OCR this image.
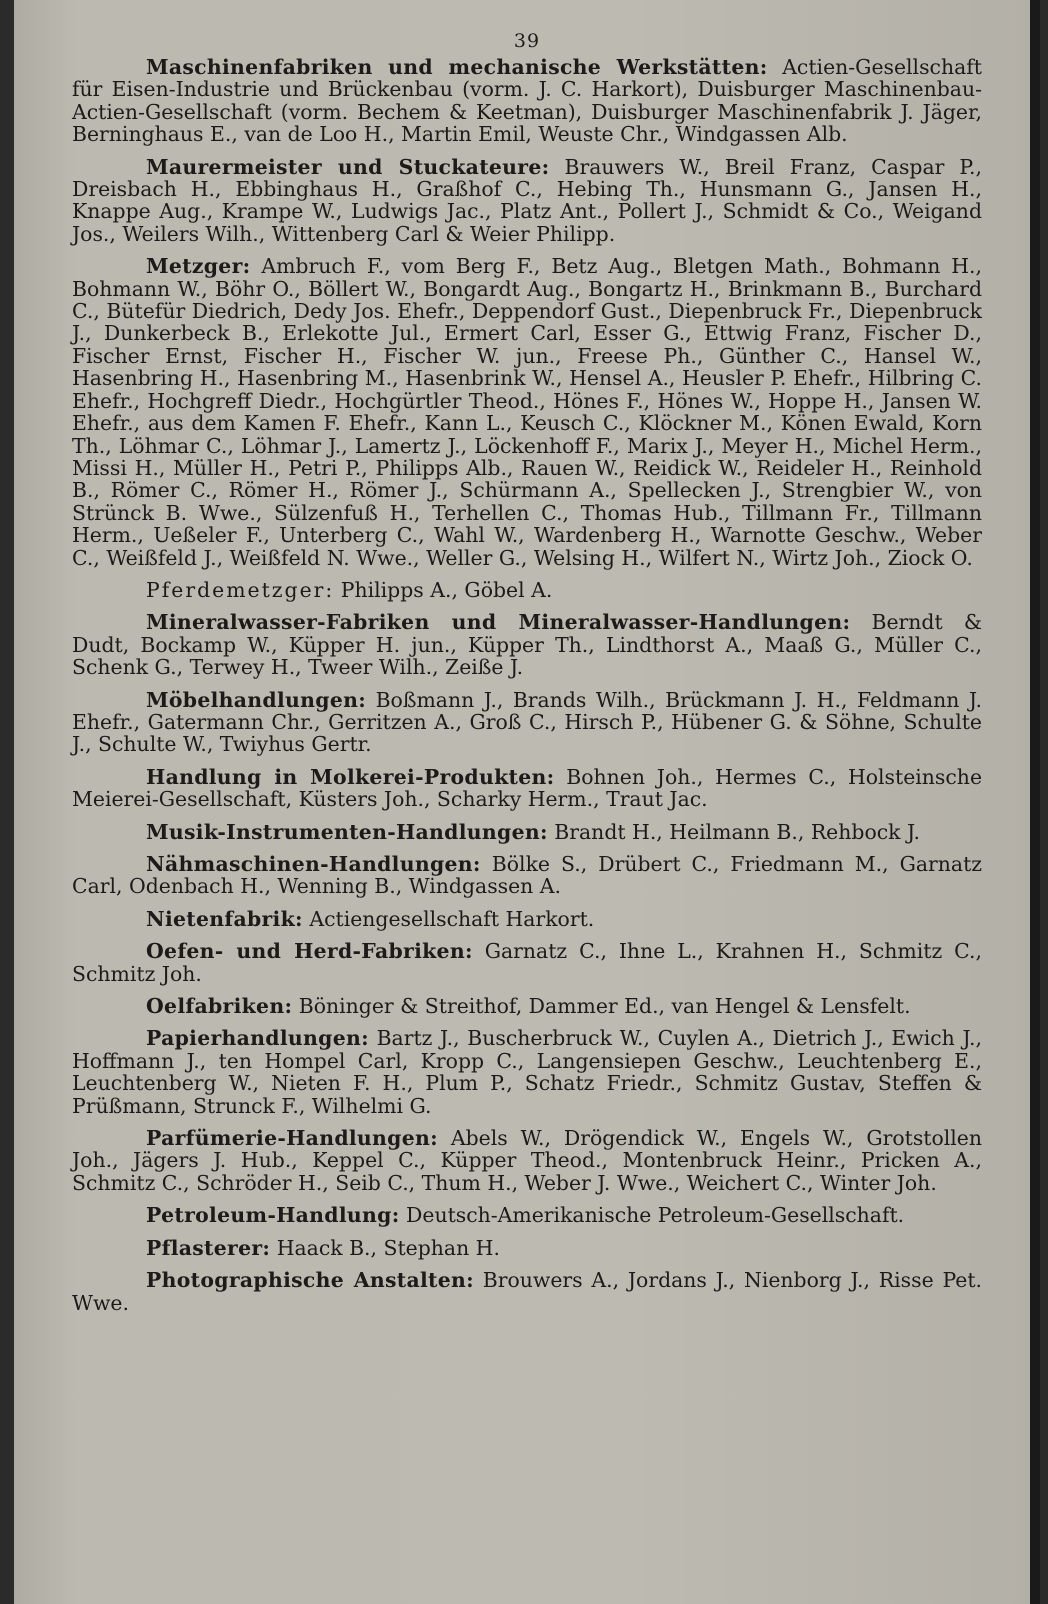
39
Maschinenfabriken und mechanische Werkstätten: Actien-Gesellschaft für Eisen-Industrie und Brückenbau (vorm. J. C. Harkort), Duisburger Maschinenbau-Actien-Gesellschaft (vorm. Bechem & Keetman), Duisburger Maschinenfabrik J. Jäger, Berninghaus E., van de Loo H., Martin Emil, Weuste Chr., Windgassen Alb.
Maurermeister und Stuckateure: Brauwers W., Breil Franz, Caspar P., Dreisbach H., Ebbinghaus H., Graßhof C., Hebing Th., Hunsmann G., Jansen H., Knappe Aug., Krampe W., Ludwigs Jac., Platz Ant., Pollert J., Schmidt & Co., Weigand Jos., Weilers Wilh., Wittenberg Carl & Weier Philipp.
Metzger: Ambruch F., vom Berg F., Betz Aug., Bletgen Math., Bohmann H., Bohmann W., Böhr O., Böllert W., Bongardt Aug., Bongartz H., Brinkmann B., Burchard C., Bütefür Diedrich, Dedy Jos. Ehefr., Deppendorf Gust., Diepenbruck Fr., Diepenbruck J., Dunkerbeck B., Erlekotte Jul., Ermert Carl, Esser G., Ettwig Franz, Fischer D., Fischer Ernst, Fischer H., Fischer W. jun., Freese Ph., Günther C., Hansel W., Hasenbring H., Hasenbring M., Hasenbrink W., Hensel A., Heusler P. Ehefr., Hilbring C. Ehefr., Hochgreff Diedr., Hochgürtler Theod., Hönes F., Hönes W., Hoppe H., Jansen W. Ehefr., aus dem Kamen F. Ehefr., Kann L., Keusch C., Klöckner M., Könen Ewald, Korn Th., Löhmar C., Löhmar J., Lamertz J., Löckenhoff F., Marix J., Meyer H., Michel Herm., Missi H., Müller H., Petri P., Philipps Alb., Rauen W., Reidick W., Reideler H., Reinhold B., Römer C., Römer H., Römer J., Schürmann A., Spellecken J., Strengbier W., von Strünck B. Wwe., Sülzenfuß H., Terhellen C., Thomas Hub., Tillmann Fr., Tillmann Herm., Ueßeler F., Unterberg C., Wahl W., Wardenberg H., Warnotte Geschw., Weber C., Weißfeld J., Weißfeld N. Wwe., Weller G., Welsing H., Wilfert N., Wirtz Joh., Ziock O.
Pferdemetzger: Philipps A., Göbel A.
Mineralwasser-Fabriken und Mineralwasser-Handlungen: Berndt & Dudt, Bockamp W., Küpper H. jun., Küpper Th., Lindthorst A., Maaß G., Müller C., Schenk G., Terwey H., Tweer Wilh., Zeiße J.
Möbelhandlungen: Boßmann J., Brands Wilh., Brückmann J. H., Feldmann J. Ehefr., Gatermann Chr., Gerritzen A., Groß C., Hirsch P., Hübener G. & Söhne, Schulte J., Schulte W., Twiyhus Gertr.
Handlung in Molkerei-Produkten: Bohnen Joh., Hermes C., Holsteinsche Meierei-Gesellschaft, Küsters Joh., Scharky Herm., Traut Jac.
Musik-Instrumenten-Handlungen: Brandt H., Heilmann B., Rehbock J.
Nähmaschinen-Handlungen: Bölke S., Drübert C., Friedmann M., Garnatz Carl, Odenbach H., Wenning B., Windgassen A.
Nietenfabrik: Actiengesellschaft Harkort.
Oefen- und Herd-Fabriken: Garnatz C., Ihne L., Krahnen H., Schmitz C., Schmitz Joh.
Oelfabriken: Böninger & Streithof, Dammer Ed., van Hengel & Lensfelt.
Papierhandlungen: Bartz J., Buscherbruck W., Cuylen A., Dietrich J., Ewich J., Hoffmann J., ten Hompel Carl, Kropp C., Langensiepen Geschw., Leuchtenberg E., Leuchtenberg W., Nieten F. H., Plum P., Schatz Friedr., Schmitz Gustav, Steffen & Prüßmann, Strunck F., Wilhelmi G.
Parfümerie-Handlungen: Abels W., Drögendick W., Engels W., Grotstollen Joh., Jägers J. Hub., Keppel C., Küpper Theod., Montenbruck Heinr., Pricken A., Schmitz C., Schröder H., Seib C., Thum H., Weber J. Wwe., Weichert C., Winter Joh.
Petroleum-Handlung: Deutsch-Amerikanische Petroleum-Gesellschaft.
Pflasterer: Haack B., Stephan H.
Photographische Anstalten: Brouwers A., Jordans J., Nienborg J., Risse Pet. Wwe.
